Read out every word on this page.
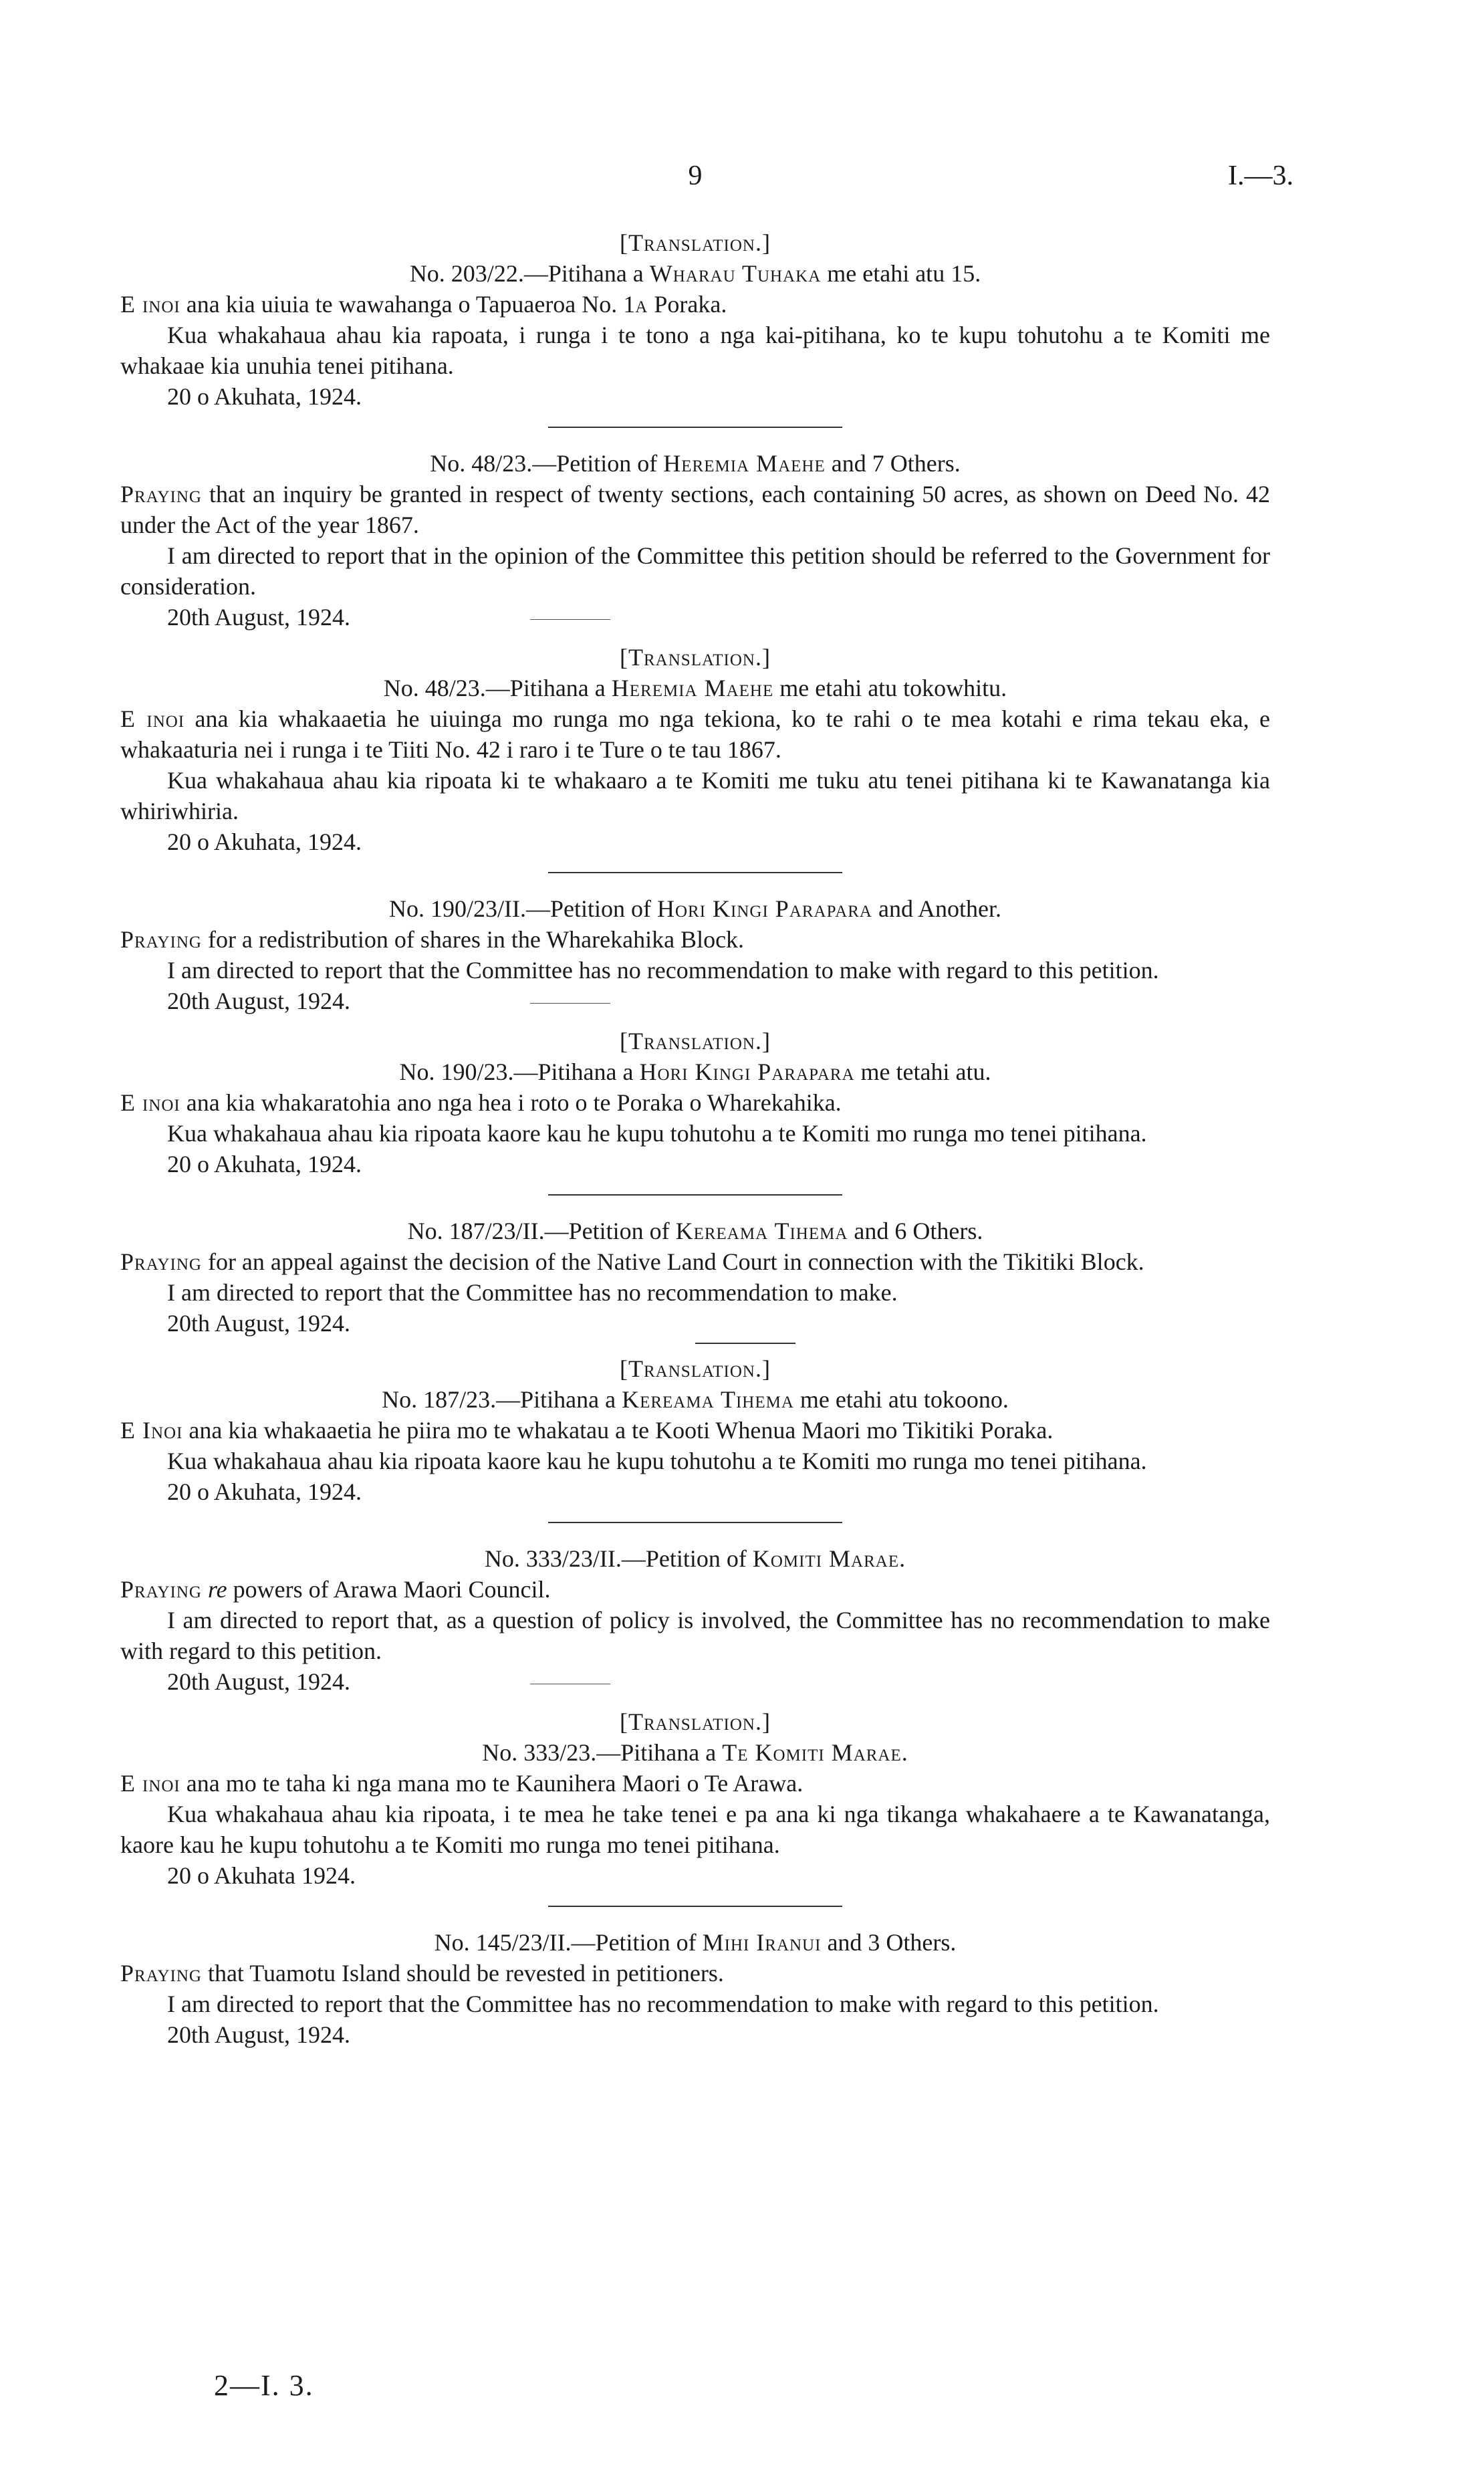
9	I.—3.
[Translation.]
No. 203/22.—Pitihana a Wharau Tuhaka me etahi atu 15.

E inoi ana kia uiuia te wawahanga o Tapuaeroa No. 1a Poraka.

Kua whakahaua ahau kia rapoata, i runga i te tono a nga kai-pitihana, ko te kupu tohutohu a te Komiti me whakaae kia unuhia tenei pitihana.

20 o Akuhata, 1924.
No. 48/23.—Petition of Heremia Maehe and 7 Others.

Praying that an inquiry be granted in respect of twenty sections, each containing 50 acres, as shown on Deed No. 42 under the Act of the year 1867.

I am directed to report that in the opinion of the Committee this petition should be referred to the Government for consideration.

20th August, 1924.
[Translation.]
No. 48/23.—Pitihana a Heremia Maehe me etahi atu tokowhitu.

E inoi ana kia whakaaetia he uiuinga mo runga mo nga tekiona, ko te rahi o te mea kotahi e rima tekau eka, e whakaaturia nei i runga i te Tiiti No. 42 i raro i te Ture o te tau 1867.

Kua whakahaua ahau kia ripoata ki te whakaaro a te Komiti me tuku atu tenei pitihana ki te Kawanatanga kia whiriwhiria.

20 o Akuhata, 1924.
No. 190/23/II.—Petition of Hori Kingi Parapara and Another.

Praying for a redistribution of shares in the Wharekahika Block.

I am directed to report that the Committee has no recommendation to make with regard to this petition.

20th August, 1924.
[Translation.]
No. 190/23.—Pitihana a Hori Kingi Parapara me tetahi atu.

E inoi ana kia whakaratohia ano nga hea i roto o te Poraka o Wharekahika.

Kua whakahaua ahau kia ripoata kaore kau he kupu tohutohu a te Komiti mo runga mo tenei pitihana.

20 o Akuhata, 1924.
No. 187/23/II.—Petition of Kereama Tihema and 6 Others.

Praying for an appeal against the decision of the Native Land Court in connection with the Tikitiki Block.

I am directed to report that the Committee has no recommendation to make.

20th August, 1924.
[Translation.]
No. 187/23.—Pitihana a Kereama Tihema me etahi atu tokoono.

E Inoi ana kia whakaaetia he piira mo te whakatau a te Kooti Whenua Maori mo Tikitiki Poraka.

Kua whakahaua ahau kia ripoata kaore kau he kupu tohutohu a te Komiti mo runga mo tenei pitihana.

20 o Akuhata, 1924.
No. 333/23/II.—Petition of Komiti Marae.

Praying re powers of Arawa Maori Council.

I am directed to report that, as a question of policy is involved, the Committee has no recommendation to make with regard to this petition.

20th August, 1924.
[Translation.]
No. 333/23.—Pitihana a Te Komiti Marae.

E inoi ana mo te taha ki nga mana mo te Kaunihera Maori o Te Arawa.

Kua whakahaua ahau kia ripoata, i te mea he take tenei e pa ana ki nga tikanga whakahaere a te Kawanatanga, kaore kau he kupu tohutohu a te Komiti mo runga mo tenei pitihana.

20 o Akuhata 1924.
No. 145/23/II.—Petition of Mihi Iranui and 3 Others.

Praying that Tuamotu Island should be revested in petitioners.

I am directed to report that the Committee has no recommendation to make with regard to this petition.

20th August, 1924.
2—I. 3.
